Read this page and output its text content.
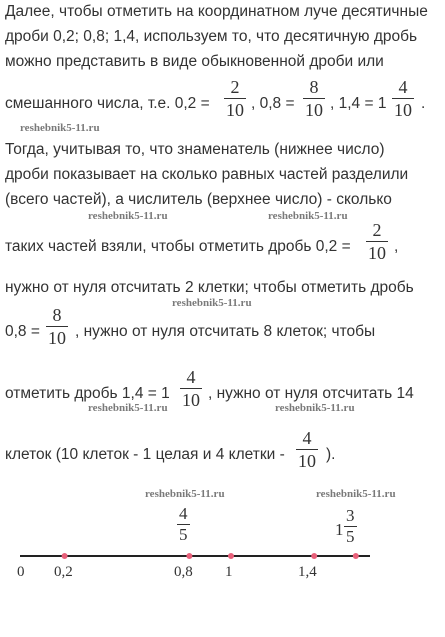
Далее, чтобы отметить на координатном луче десятичные
дроби 0,2; 0,8; 1,4, используем то, что десятичную дробь
можно представить в виде обыкновенной дроби или
смешанного числа, т.е. $0,2 = \frac{2}{10}$ , $0,8 = \frac{8}{10}$ , $1,4 = 1 \frac{4}{10}$ .
reshebnik5-11.ru
Тогда, учитывая то, что знаменатель (нижнее число)
дроби показывает на сколько равных частей разделили
(всего частей), а числитель (верхнее число) - сколько
reshebnik5-11.ru	reshebnik5-11.ru
таких частей взяли, чтобы отметить дробь $0,2 = \frac{2}{10}$ ,
нужно от нуля отсчитать 2 клетки; чтобы отметить дробь
reshebnik5-11.ru
$0,8 = \frac{8}{10}$ , нужно от нуля отсчитать 8 клеток; чтобы
отметить дробь $1,4 = 1 \frac{4}{10}$ , нужно от нуля отсчитать 14
reshebnik5-11.ru	reshebnik5-11.ru
клеток (10 клеток - 1 целая и 4 клетки - $\frac{4}{10}$ ).
reshebnik5-11.ru	reshebnik5-11.ru
$\frac{4}{5}$	$1 \frac{3}{5}$
0 0,2	0,8 1	1,4
